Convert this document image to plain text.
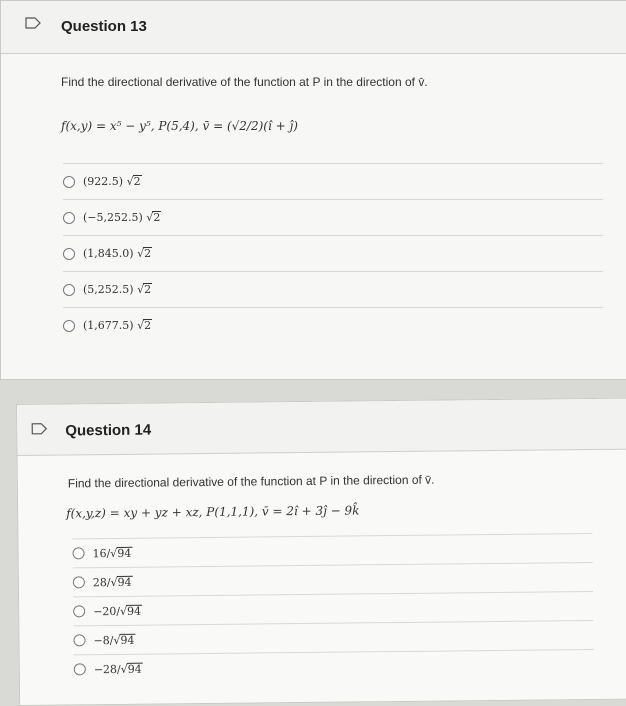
Question 13
Find the directional derivative of the function at P in the direction of v̄.
f(x,y) = x⁵ − y⁵, P(5,4), v̄ = (√2/2)(î + ĵ)
(922.5) √2
(−5,252.5) √2
(1,845.0) √2
(5,252.5) √2
(1,677.5) √2
Question 14
Find the directional derivative of the function at P in the direction of v̄.
f(x,y,z) = xy + yz + xz, P(1,1,1), v̄ = 2î + 3ĵ − 9k̂
16/√94
28/√94
−20/√94
−8/√94
−28/√94
